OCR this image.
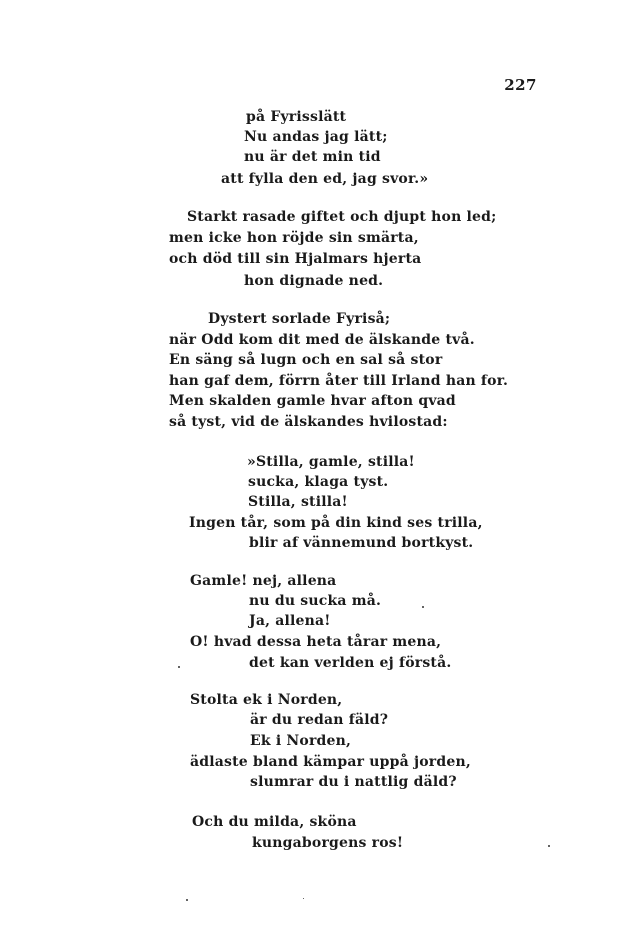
227
på Fyrisslätt
Nu andas jag lätt;
nu är det min tid
att fylla den ed, jag svor.»
Starkt rasade giftet och djupt hon led;
men icke hon röjde sin smärta,
och död till sin Hjalmars hjerta
hon dignade ned.
Dystert sorlade Fyriså;
när Odd kom dit med de älskande två.
En säng så lugn och en sal så stor
han gaf dem, förrn åter till Irland han for.
Men skalden gamle hvar afton qvad
så tyst, vid de älskandes hvilostad:
»Stilla, gamle, stilla!
sucka, klaga tyst.
Stilla, stilla!
Ingen tår, som på din kind ses trilla,
blir af vännemund bortkyst.
Gamle! nej, allena
nu du sucka må.
Ja, allena!
O! hvad dessa heta tårar mena,
det kan verlden ej förstå.
Stolta ek i Norden,
är du redan fäld?
Ek i Norden,
ädlaste bland kämpar uppå jorden,
slumrar du i nattlig däld?
Och du milda, sköna
kungaborgens ros!
